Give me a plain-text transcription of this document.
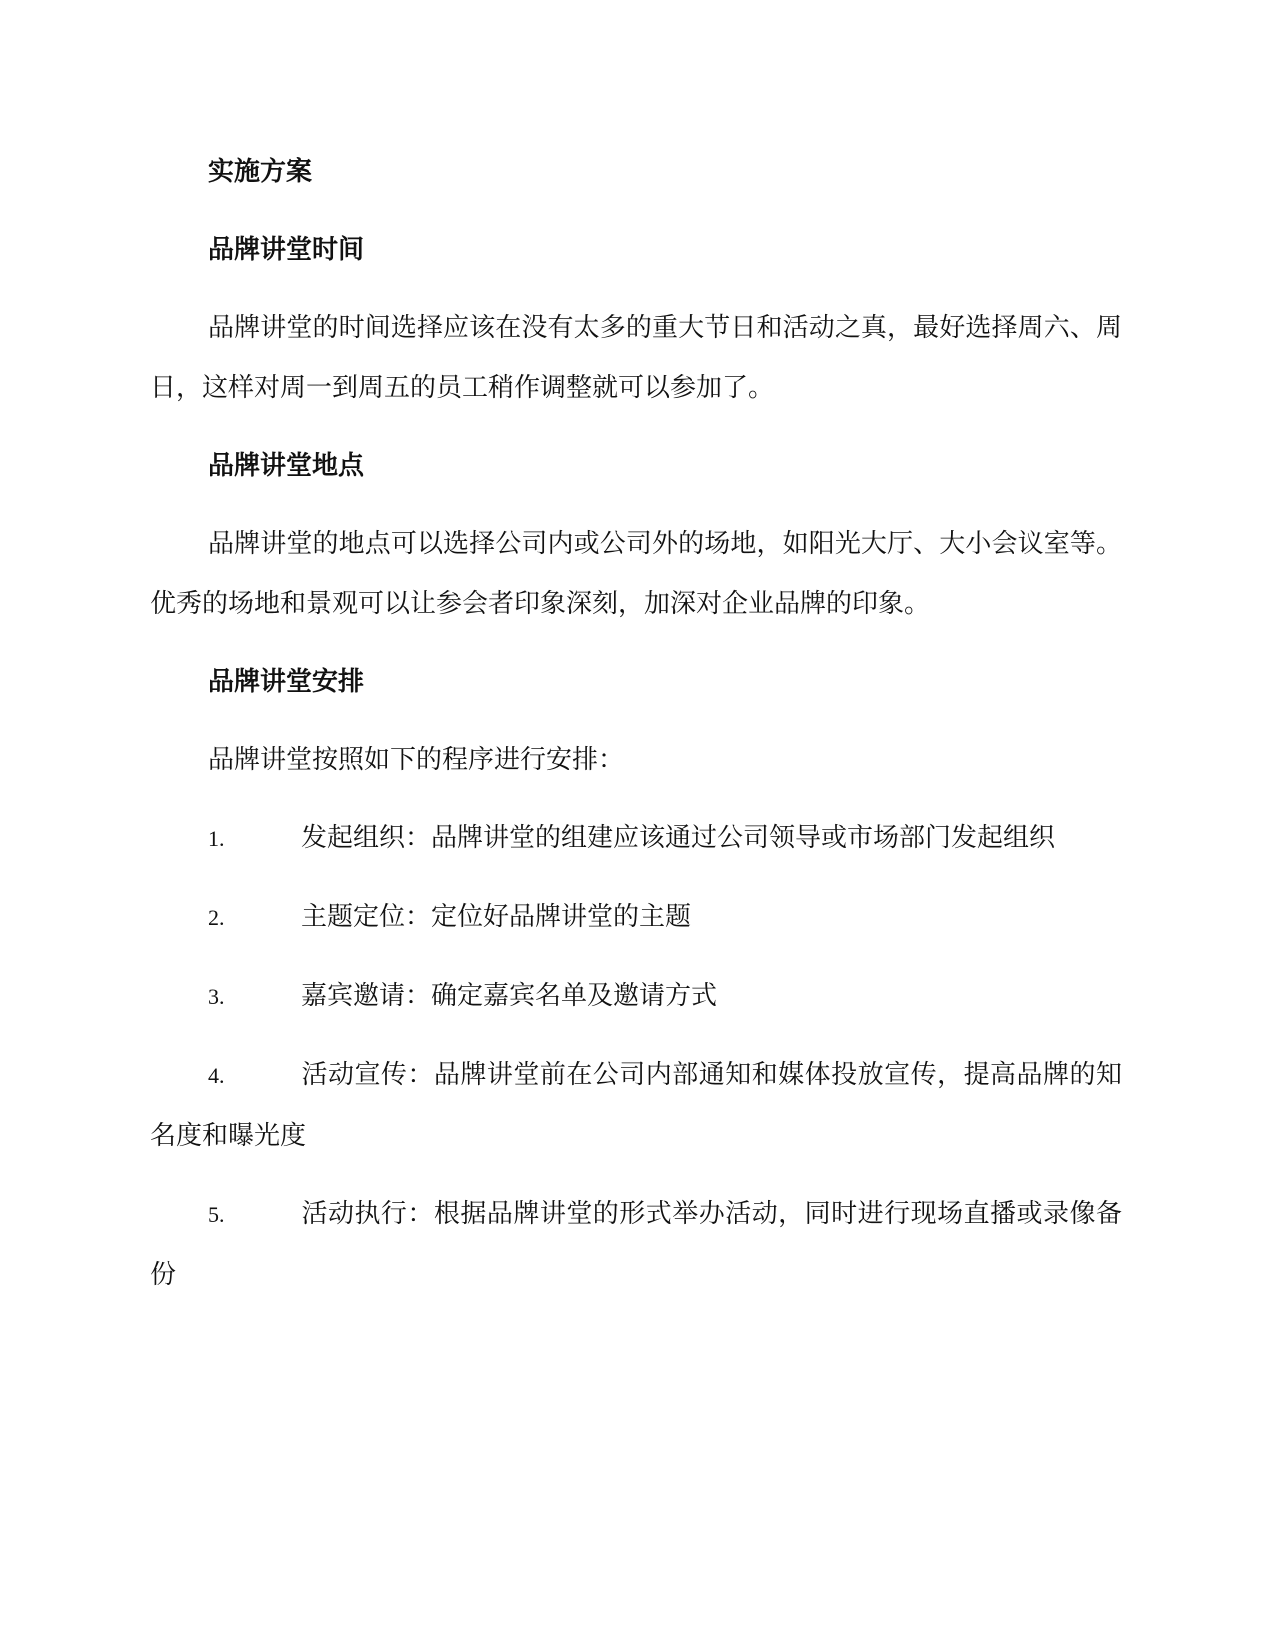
实施方案
品牌讲堂时间

品牌讲堂的时间选择应该在没有太多的重大节日和活动之真，最好选择周六、周日，这样对周一到周五的员工稍作调整就可以参加了。

品牌讲堂地点

品牌讲堂的地点可以选择公司内或公司外的场地，如阳光大厅、大小会议室等。优秀的场地和景观可以让参会者印象深刻，加深对企业品牌的印象。

品牌讲堂安排

品牌讲堂按照如下的程序进行安排：

1.	发起组织：品牌讲堂的组建应该通过公司领导或市场部门发起组织

2.	主题定位：定位好品牌讲堂的主题

3.	嘉宾邀请：确定嘉宾名单及邀请方式

4.	活动宣传：品牌讲堂前在公司内部通知和媒体投放宣传，提高品牌的知名度和曝光度

5.	活动执行：根据品牌讲堂的形式举办活动，同时进行现场直播或录像备份
